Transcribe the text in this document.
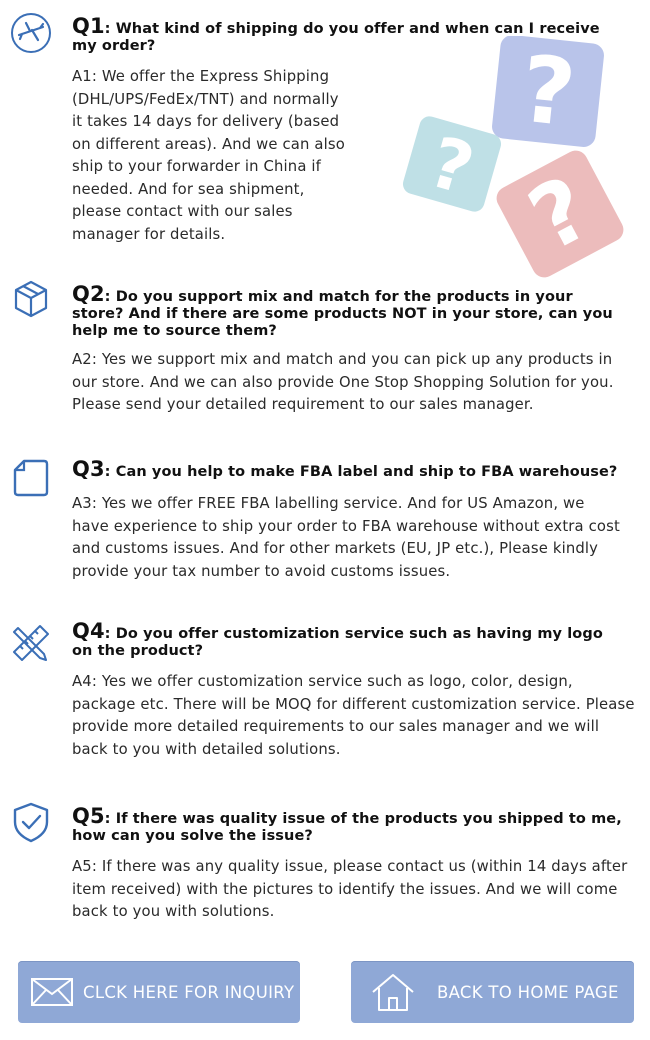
Q1: What kind of shipping do you offer and when can I receive my order?
A1: We offer the Express Shipping
(DHL/UPS/FedEx/TNT) and normally
it takes 14 days for delivery (based
on different areas). And we can also
ship to your forwarder in China if
needed. And for sea shipment,
please contact with our sales
manager for details.
?
? ?
Q2: Do you support mix and match for the products in your store? And if there are some products NOT in your store, can you help me to source them?
A2: Yes we support mix and match and you can pick up any products in
our store. And we can also provide One Stop Shopping Solution for you.
Please send your detailed requirement to our sales manager.
Q3: Can you help to make FBA label and ship to FBA warehouse?
A3: Yes we offer FREE FBA labelling service. And for US Amazon, we
have experience to ship your order to FBA warehouse without extra cost
and customs issues. And for other markets (EU, JP etc.), Please kindly
provide your tax number to avoid customs issues.
Q4: Do you offer customization service such as having my logo on the product?
A4: Yes we offer customization service such as logo, color, design,
package etc. There will be MOQ for different customization service. Please
provide more detailed requirements to our sales manager and we will
back to you with detailed solutions.
Q5: If there was quality issue of the products you shipped to me, how can you solve the issue?
A5: If there was any quality issue, please contact us (within 14 days after
item received) with the pictures to identify the issues. And we will come
back to you with solutions.
CLCK HERE FOR INQUIRY	BACK TO HOME PAGE
